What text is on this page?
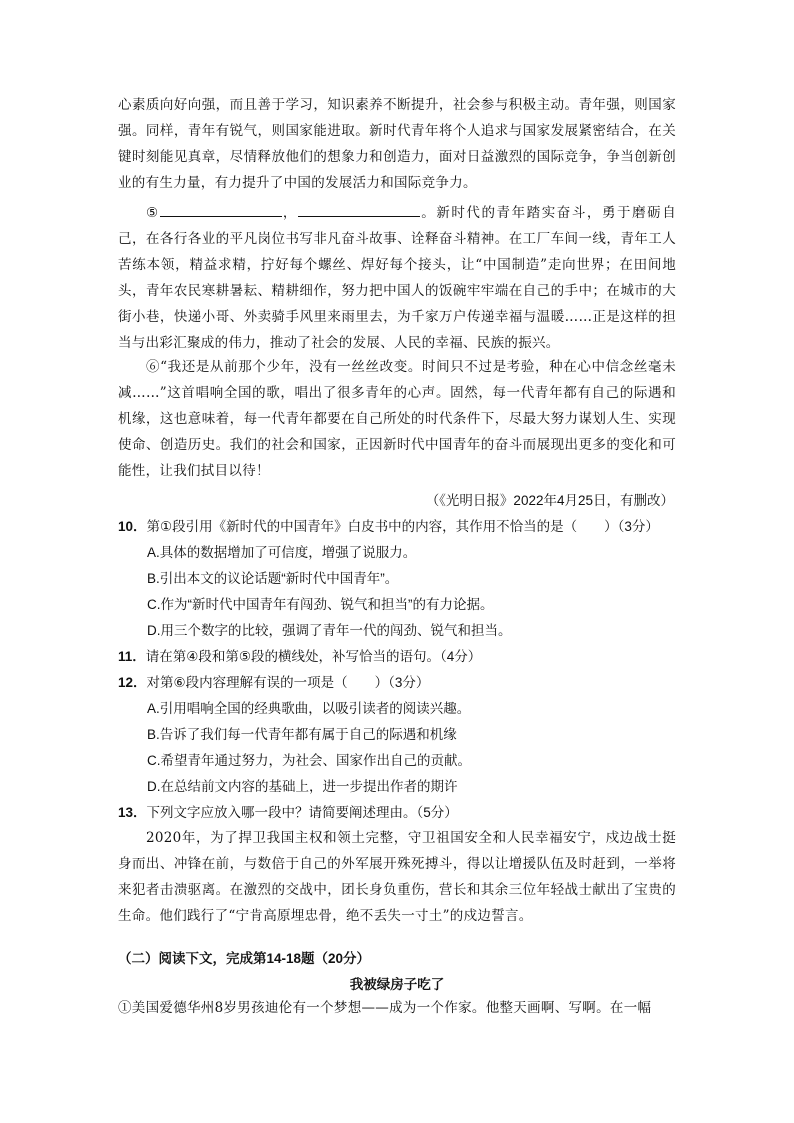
心素质向好向强，而且善于学习，知识素养不断提升，社会参与积极主动。青年强，则国家强。同样，青年有锐气，则国家能进取。新时代青年将个人追求与国家发展紧密结合，在关键时刻能见真章，尽情释放他们的想象力和创造力，面对日益激烈的国际竞争，争当创新创业的有生力量，有力提升了中国的发展活力和国际竞争力。
⑤	，	。新时代的青年踏实奋斗，勇于磨砺自己，在各行各业的平凡岗位书写非凡奋斗故事、诠释奋斗精神。在工厂车间一线，青年工人苦练本领，精益求精，拧好每个螺丝、焊好每个接头，让“中国制造”走向世界；在田间地头，青年农民寒耕暑耘、精耕细作，努力把中国人的饭碗牢牢端在自己的手中；在城市的大街小巷，快递小哥、外卖骑手风里来雨里去，为千家万户传递幸福与温暖……正是这样的担当与出彩汇聚成的伟力，推动了社会的发展、人民的幸福、民族的振兴。
⑥“我还是从前那个少年，没有一丝丝改变。时间只不过是考验，种在心中信念丝毫未减……”这首唱响全国的歌，唱出了很多青年的心声。固然，每一代青年都有自己的际遇和机缘，这也意味着，每一代青年都要在自己所处的时代条件下，尽最大努力谋划人生、实现使命、创造历史。我们的社会和国家，正因新时代中国青年的奋斗而展现出更多的变化和可能性，让我们拭目以待！
（《光明日报》2022年4月25日，有删改）
10．第①段引用《新时代的中国青年》白皮书中的内容，其作用不恰当的是（　　）（3分）
A.具体的数据增加了可信度，增强了说服力。
B.引出本文的议论话题“新时代中国青年”。
C.作为“新时代中国青年有闯劲、锐气和担当”的有力论据。
D.用三个数字的比较，强调了青年一代的闯劲、锐气和担当。
11．请在第④段和第⑤段的横线处，补写恰当的语句。（4分）
12．对第⑥段内容理解有误的一项是（　　）（3分）
A.引用唱响全国的经典歌曲，以吸引读者的阅读兴趣。
B.告诉了我们每一代青年都有属于自己的际遇和机缘
C.希望青年通过努力，为社会、国家作出自己的贡献。
D.在总结前文内容的基础上，进一步提出作者的期许
13．下列文字应放入哪一段中？请简要阐述理由。（5分）
2020年，为了捍卫我国主权和领土完整，守卫祖国安全和人民幸福安宁，戍边战士挺身而出、冲锋在前，与数倍于自己的外军展开殊死搏斗，得以让增援队伍及时赶到，一举将来犯者击溃驱离。在激烈的交战中，团长身负重伤，营长和其余三位年轻战士献出了宝贵的生命。他们践行了“宁肯高原埋忠骨，绝不丢失一寸土”的戍边誓言。
（二）阅读下文，完成第14-18题（20分）
我被绿房子吃了
①美国爱德华州8岁男孩迪伦有一个梦想——成为一个作家。他整天画啊、写啊。在一幅
